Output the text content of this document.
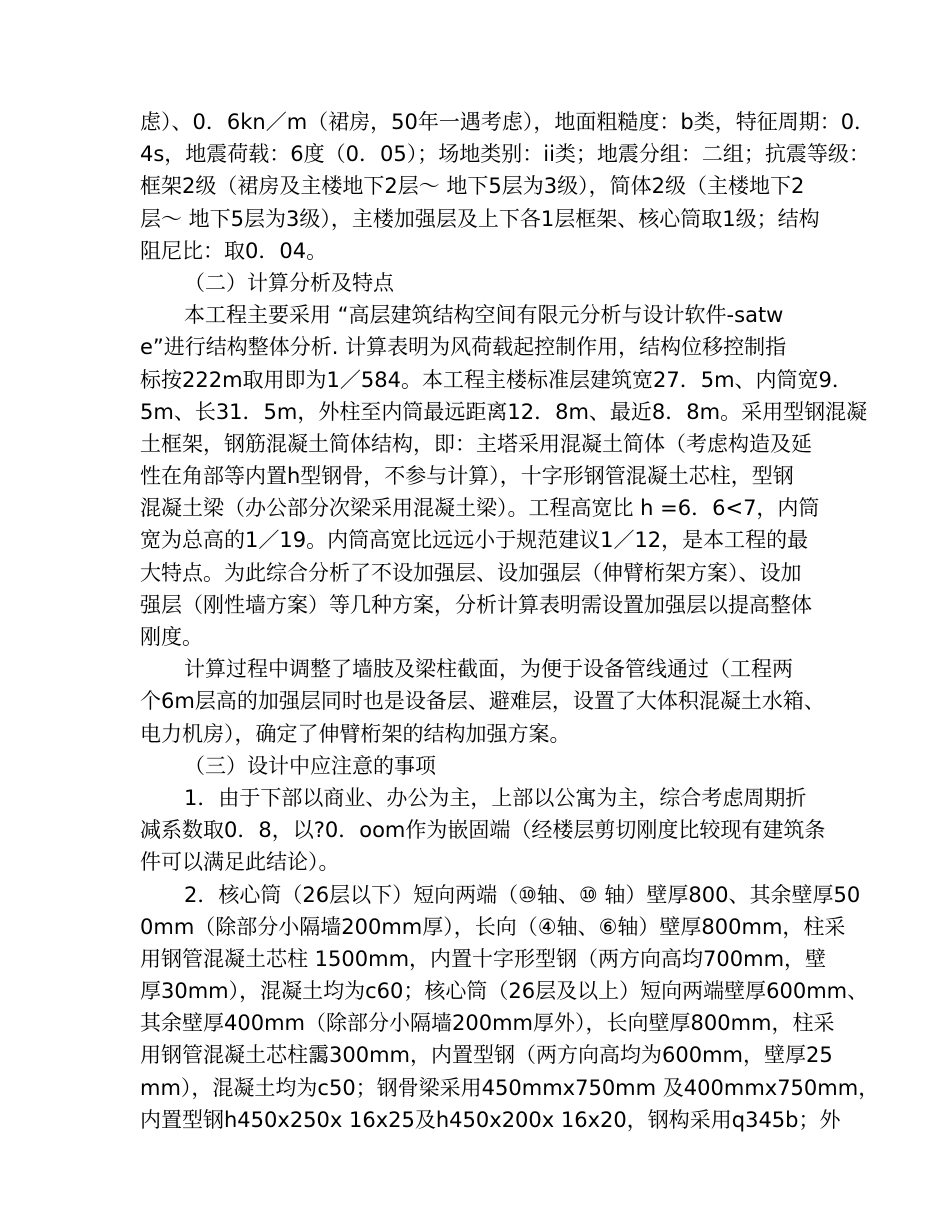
虑）、0．6kn／m（裙房，50年一遇考虑），地面粗糙度：b类，特征周期：0．
4s，地震荷载：6度（0．05）；场地类别：ii类；地震分组：二组；抗震等级：
框架2级（裙房及主楼地下2层～ 地下5层为3级），简体2级（主楼地下2
层～ 地下5层为3级），主楼加强层及上下各1层框架、核心筒取1级；结构
阻尼比：取0．04。
（二）计算分析及特点
本工程主要采用 “高层建筑结构空间有限元分析与设计软件-satw
e”进行结构整体分析. 计算表明为风荷载起控制作用，结构位移控制指
标按222m取用即为1／584。本工程主楼标准层建筑宽27．5m、内筒宽9．
5m、长31．5m，外柱至内筒最远距离12．8m、最近8．8m。采用型钢混凝
土框架，钢筋混凝土简体结构，即：主塔采用混凝土简体（考虑构造及延
性在角部等内置h型钢骨，不参与计算），十字形钢管混凝土芯柱，型钢
混凝土梁（办公部分次梁采用混凝土梁）。工程高宽比 h =6．6<7，内筒
宽为总高的1／19。内筒高宽比远远小于规范建议1／12，是本工程的最
大特点。为此综合分析了不设加强层、设加强层（伸臂桁架方案）、设加
强层（刚性墙方案）等几种方案，分析计算表明需设置加强层以提高整体
刚度。
计算过程中调整了墙肢及梁柱截面，为便于设备管线通过（工程两
个6m层高的加强层同时也是设备层、避难层，设置了大体积混凝土水箱、
电力机房），确定了伸臂桁架的结构加强方案。
（三）设计中应注意的事项
1．由于下部以商业、办公为主，上部以公寓为主，综合考虑周期折
减系数取0．8，以?0．oom作为嵌固端（经楼层剪切刚度比较现有建筑条
件可以满足此结论）。
2．核心筒（26层以下）短向两端（⑩轴、⑩ 轴）壁厚800、其余壁厚50
0mm（除部分小隔墙200mm厚），长向（④轴、⑥轴）壁厚800mm，柱采
用钢管混凝土芯柱 1500mm，内置十字形型钢（两方向高均700mm，壁
厚30mm），混凝土均为c60；核心筒（26层及以上）短向两端壁厚600mm、
其余壁厚400mm（除部分小隔墙200mm厚外），长向壁厚800mm，柱采
用钢管混凝土芯柱靄300mm，内置型钢（两方向高均为600mm，壁厚25
mm），混凝土均为c50；钢骨梁采用450mmx750mm 及400mmx750mm，
内置型钢h450x250x 16x25及h450x200x 16x20，钢构采用q345b；外
